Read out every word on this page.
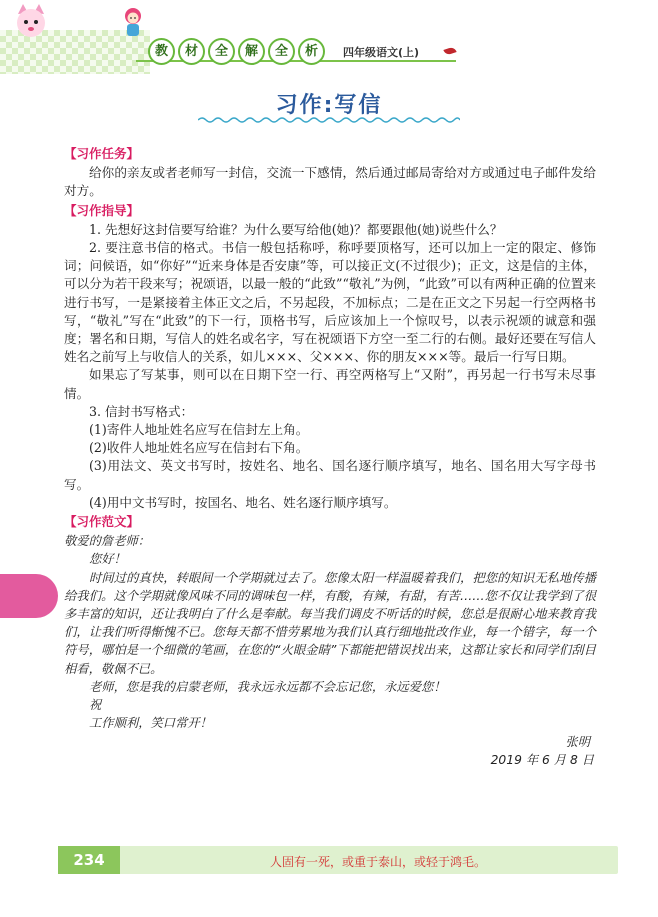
教	材	全	解	全	析	四年级语文(上)
习作:写信
【习作任务】

给你的亲友或者老师写一封信，交流一下感情，然后通过邮局寄给对方或通过电子邮件发给对方。

【习作指导】

1. 先想好这封信要写给谁？为什么要写给他(她)？都要跟他(她)说些什么？

2. 要注意书信的格式。书信一般包括称呼，称呼要顶格写，还可以加上一定的限定、修饰词；问候语，如“你好”“近来身体是否安康”等，可以接正文(不过很少)；正文，这是信的主体，可以分为若干段来写；祝颂语，以最一般的“此致”“敬礼”为例，“此致”可以有两种正确的位置来进行书写，一是紧接着主体正文之后，不另起段，不加标点；二是在正文之下另起一行空两格书写，“敬礼”写在“此致”的下一行，顶格书写，后应该加上一个惊叹号，以表示祝颂的诚意和强度；署名和日期，写信人的姓名或名字，写在祝颂语下方空一至二行的右侧。最好还要在写信人姓名之前写上与收信人的关系，如儿×××、父×××、你的朋友×××等。最后一行写日期。

如果忘了写某事，则可以在日期下空一行、再空两格写上“又附”，再另起一行书写未尽事情。

3. 信封书写格式：

(1)寄件人地址姓名应写在信封左上角。

(2)收件人地址姓名应写在信封右下角。

(3)用法文、英文书写时，按姓名、地名、国名逐行顺序填写，地名、国名用大写字母书写。

(4)用中文书写时，按国名、地名、姓名逐行顺序填写。

【习作范文】

敬爱的詹老师：

您好！

时间过的真快，转眼间一个学期就过去了。您像太阳一样温暖着我们，把您的知识无私地传播给我们。这个学期就像风味不同的调味包一样，有酸，有辣，有甜，有苦……您不仅让我学到了很多丰富的知识，还让我明白了什么是奉献。每当我们调皮不听话的时候，您总是很耐心地来教育我们，让我们听得惭愧不已。您每天都不惜劳累地为我们认真行细地批改作业，每一个错字，每一个符号，哪怕是一个细微的笔画，在您的“火眼金睛”下都能把错误找出来，这都让家长和同学们刮目相看，敬佩不已。

老师，您是我的启蒙老师，我永远永远都不会忘记您，永远爱您！

祝

工作顺利，笑口常开！

张明

2019 年 6 月 8 日

234	人固有一死，或重于泰山，或轻于鸿毛。
